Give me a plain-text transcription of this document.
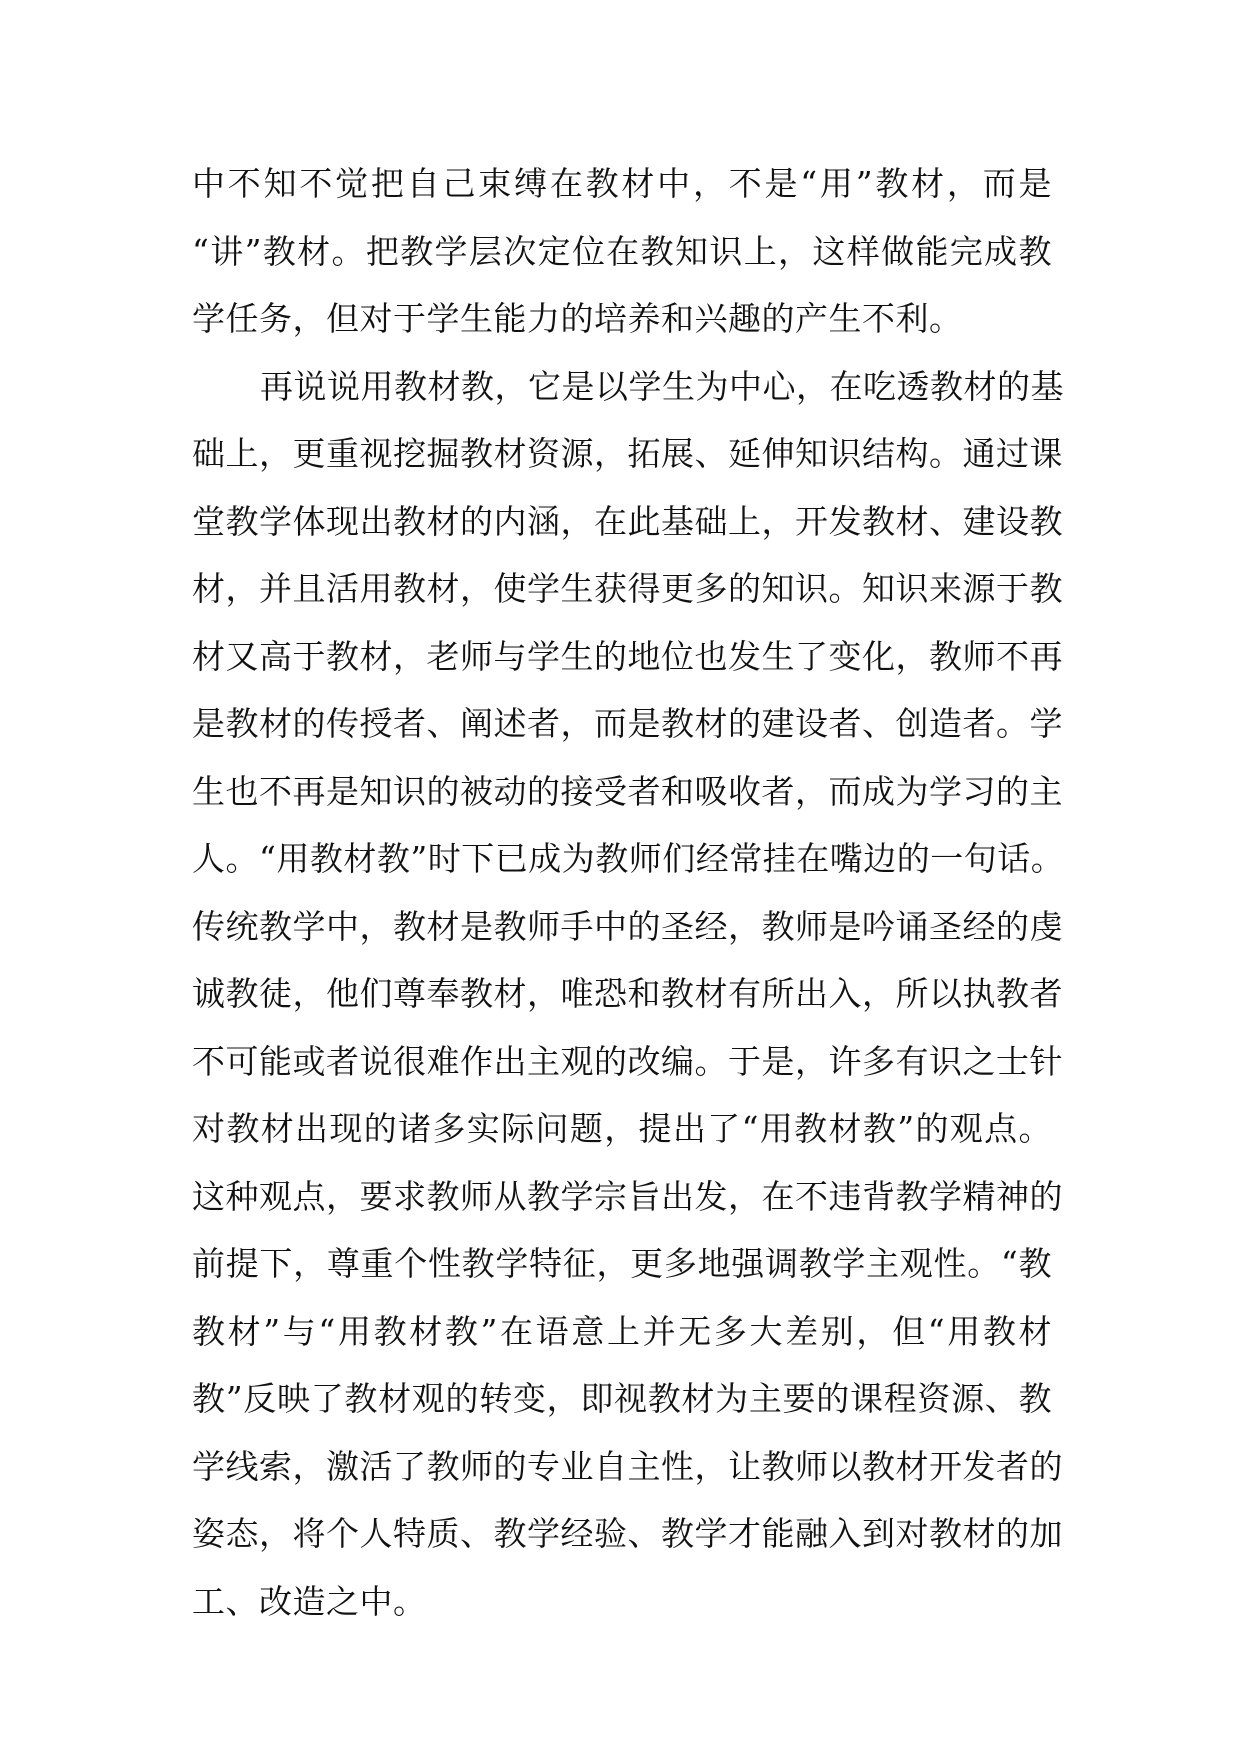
中不知不觉把自己束缚在教材中，不是“用”教材，而是
“讲”教材。把教学层次定位在教知识上，这样做能完成教
学任务，但对于学生能力的培养和兴趣的产生不利。
再说说用教材教，它是以学生为中心，在吃透教材的基
础上，更重视挖掘教材资源，拓展、延伸知识结构。通过课
堂教学体现出教材的内涵，在此基础上，开发教材、建设教
材，并且活用教材，使学生获得更多的知识。知识来源于教
材又高于教材，老师与学生的地位也发生了变化，教师不再
是教材的传授者、阐述者，而是教材的建设者、创造者。学
生也不再是知识的被动的接受者和吸收者，而成为学习的主
人。“用教材教”时下已成为教师们经常挂在嘴边的一句话。
传统教学中，教材是教师手中的圣经，教师是吟诵圣经的虔
诚教徒，他们尊奉教材，唯恐和教材有所出入，所以执教者
不可能或者说很难作出主观的改编。于是，许多有识之士针
对教材出现的诸多实际问题，提出了“用教材教”的观点。
这种观点，要求教师从教学宗旨出发，在不违背教学精神的
前提下，尊重个性教学特征，更多地强调教学主观性。“教
教材”与“用教材教”在语意上并无多大差别，但“用教材
教”反映了教材观的转变，即视教材为主要的课程资源、教
学线索，激活了教师的专业自主性，让教师以教材开发者的
姿态，将个人特质、教学经验、教学才能融入到对教材的加
工、改造之中。
